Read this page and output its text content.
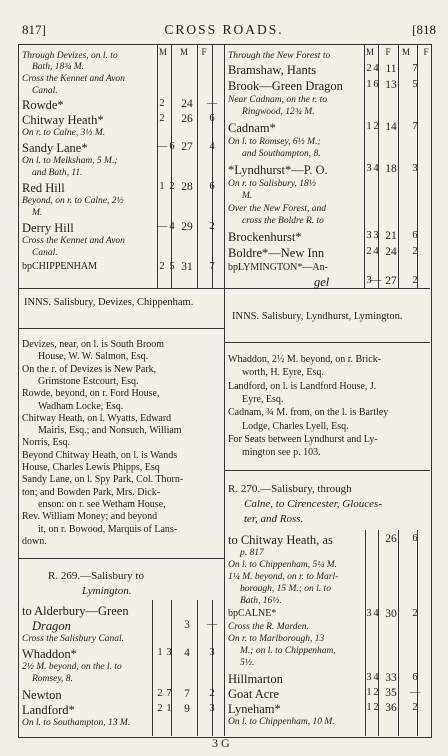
817]	CROSS ROADS.	[818
M	M	F	M	F	M	F
INNS. Salisbury, Devizes, Chippenham.
INNS. Salisbury, Lyndhurst, Lymington.
R. 269.—Salisbury to
Lymington.
R. 270.—Salisbury, through
Calne, to Cirencester, Glouces-
ter, and Ross.
3 G
Through Devizes, on l. to
Bath, 18¾ M.
Cross the Kennet and Avon
Canal.
Rowde*	2	24	—
Chitway Heath*	2	26	6
On r. to Calne, 3½ M.
Sandy Lane*	— 6 27	4
On l. to Melksham, 5 M.;
and Bath, 11.
Red Hill	1 2 28	6
Beyond, on r. to Calne, 2½
M.
Derry Hill	— 4 29	2
Cross the Kennet and Avon
Canal.
bpCHIPPENHAM	2 5 31	7
Through the New Forest to
Bramshaw, Hants	2 4 11	7
Brook—Green Dragon	1 6 13	5
Near Cadnam, on the r. to
Ringwood, 12¾ M.
Cadnam*	1 2 14	7
On l. to Romsey, 6½ M.;
and Southampton, 8.
*Lyndhurst*—P. O.	3 4 18	3
On r. to Salisbury, 18½
M.
Over the New Forest, and
cross the Boldre R. to
Brockenhurst*	3 3 21	6
Boldre*—New Inn	2 4 24	2
bpLYMINGTON*—An-
gel	3 — 27	2
to Alderbury—Green
Dragon	3	—
Cross the Salisbury Canal.
Whaddon*	1 3	4	3
2½ M. beyond, on the l. to
Romsey, 8.
Newton	2 7	7	2
Landford*	2 1	9	3
On l. to Southampton, 13 M.
to Chitway Heath, as	26	6
p. 817
On l. to Chippenham, 5¼ M.
1¼ M. beyond, on r. to Marl-
borough, 15 M.; on l. to
Bath, 16½.
bpCALNE*	3 4 30	2
Cross the R. Marden.
On r. to Marlborough, 13
M.; on l. to Chippenham,
5½.
Hillmarton	3 4 33	6
Goat Acre	1 2 35	—
Lyneham*	1 2 36	2
On l. to Chippenham, 10 M.
Devizes, near, on l. is South Broom
House, W. W. Salmon, Esq.
On the r. of Devizes is New Park,
Grimstone Estcourt, Esq.
Rowde, beyond, on r. Ford House,
Wadham Locke, Esq.
Chitway Heath, on l. Wyatts, Edward
Mairis, Esq.; and Nonsuch, William
Norris, Esq.
Beyond Chitway Heath, on l. is Wands
House, Charles Lewis Phipps, Esq
Sandy Lane, on l. Spy Park, Col. Thorn-
ton; and Bowden Park, Mrs. Dick-
enson: on r. see Wetham House,
Rev. William Money; and beyond
it, on r. Bowood, Marquis of Lans-
down.
Whaddon, 2½ M. beyond, on r. Brick-
worth, H. Eyre, Esq.
Landford, on l. is Landford House, J.
Eyre, Esq.
Cadnam, ¾ M. from, on the l. is Bartley
Lodge, Charles Lyell, Esq.
For Seats between Lyndhurst and Ly-
mington see p. 103.
